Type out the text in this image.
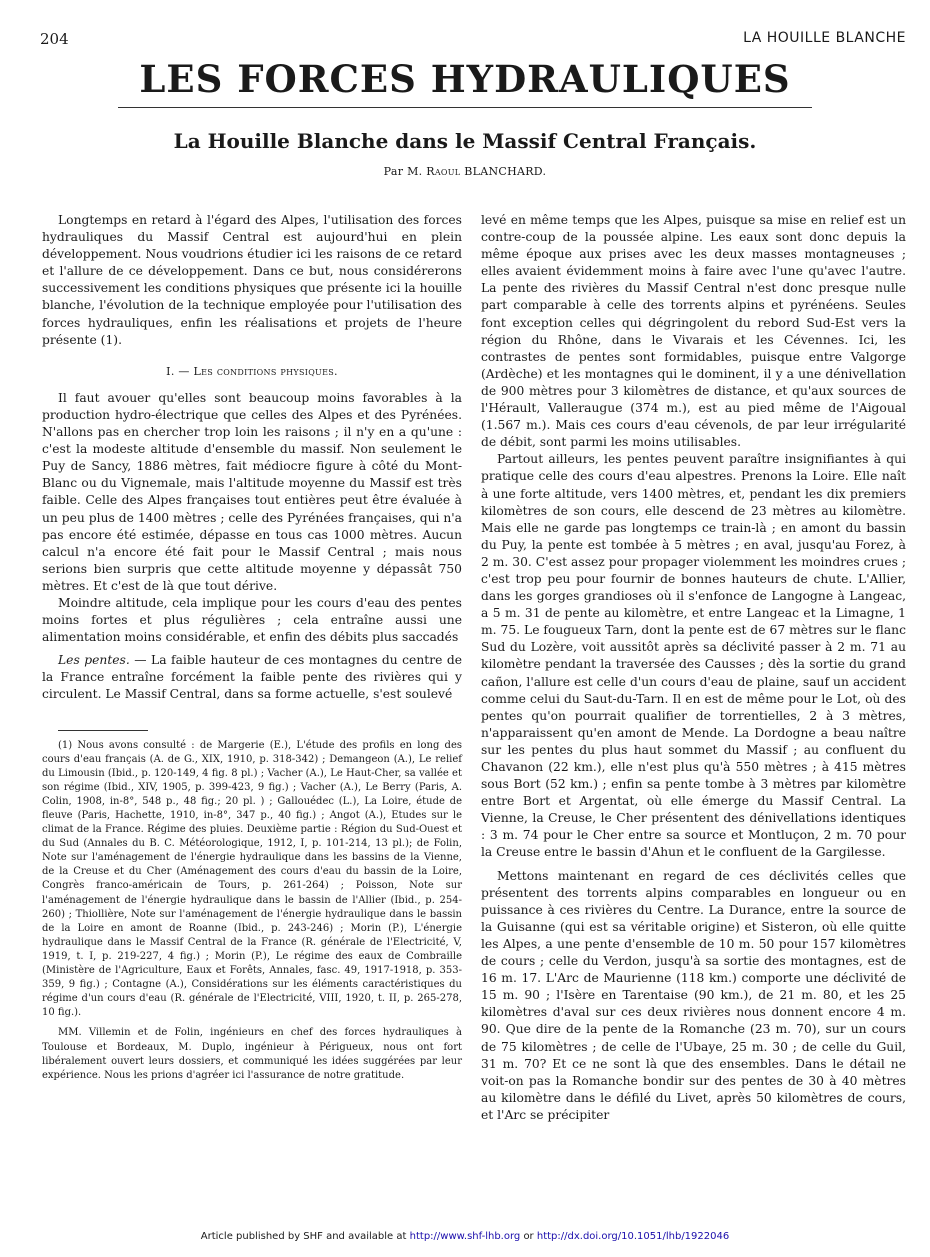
204	LA HOUILLE BLANCHE
LES FORCES HYDRAULIQUES
La Houille Blanche dans le Massif Central Français.
Par M. Raoul BLANCHARD.

Longtemps en retard à l'égard des Alpes, l'utilisation des forces hydrauliques du Massif Central est aujourd'hui en plein développement. Nous voudrions étudier ici les raisons de ce retard et l'allure de ce développement. Dans ce but, nous considérerons successivement les conditions physiques que présente ici la houille blanche, l'évolution de la technique employée pour l'utilisation des forces hydrauliques, enfin les réalisations et projets de l'heure présente (1).

I. — Les conditions physiques.

Il faut avouer qu'elles sont beaucoup moins favorables à la production hydro-électrique que celles des Alpes et des Pyrénées. N'allons pas en chercher trop loin les raisons ; il n'y en a qu'une : c'est la modeste altitude d'ensemble du massif. Non seulement le Puy de Sancy, 1886 mètres, fait médiocre figure à côté du Mont-Blanc ou du Vignemale, mais l'altitude moyenne du Massif est très faible. Celle des Alpes françaises tout entières peut être évaluée à un peu plus de 1400 mètres ; celle des Pyrénées françaises, qui n'a pas encore été estimée, dépasse en tous cas 1000 mètres. Aucun calcul n'a encore été fait pour le Massif Central ; mais nous serions bien surpris que cette altitude moyenne y dépassât 750 mètres. Et c'est de là que tout dérive.

Moindre altitude, cela implique pour les cours d'eau des pentes moins fortes et plus régulières ; cela entraîne aussi une alimentation moins considérable, et enfin des débits plus saccadés

Les pentes. — La faible hauteur de ces montagnes du centre de la France entraîne forcément la faible pente des rivières qui y circulent. Le Massif Central, dans sa forme actuelle, s'est soulevé

(1) Nous avons consulté : de Margerie (E.), L'étude des profils en long des cours d'eau français (A. de G., XIX, 1910, p. 318-342) ; Demangeon (A.), Le relief du Limousin (Ibid., p. 120-149, 4 fig. 8 pl.) ; Vacher (A.), Le Haut-Cher, sa vallée et son régime (Ibid., XIV, 1905, p. 399-423, 9 fig.) ; Vacher (A.), Le Berry (Paris, A. Colin, 1908, in-8°, 548 p., 48 fig.; 20 pl. ) ; Gallouédec (L.), La Loire, étude de fleuve (Paris, Hachette, 1910, in-8°, 347 p., 40 fig.) ; Angot (A.), Etudes sur le climat de la France. Régime des pluies. Deuxième partie : Région du Sud-Ouest et du Sud (Annales du B. C. Météorologique, 1912, I, p. 101-214, 13 pl.); de Folin, Note sur l'aménagement de l'énergie hydraulique dans les bassins de la Vienne, de la Creuse et du Cher (Aménagement des cours d'eau du bassin de la Loire, Congrès franco-américain de Tours, p. 261-264) ; Poisson, Note sur l'aménagement de l'énergie hydraulique dans le bassin de l'Allier (Ibid., p. 254-260) ; Thiollière, Note sur l'aménagement de l'énergie hydraulique dans le bassin de la Loire en amont de Roanne (Ibid., p. 243-246) ; Morin (P.), L'énergie hydraulique dans le Massif Central de la France (R. générale de l'Electricité, V, 1919, t. I, p. 219-227, 4 fig.) ; Morin (P.), Le régime des eaux de Combraille (Ministère de l'Agriculture, Eaux et Forêts, Annales, fasc. 49, 1917-1918, p. 353-359, 9 fig.) ; Contagne (A.), Considérations sur les éléments caractéristiques du régime d'un cours d'eau (R. générale de l'Electricité, VIII, 1920, t. II, p. 265-278, 10 fig.).

MM. Villemin et de Folin, ingénieurs en chef des forces hydrauliques à Toulouse et Bordeaux, M. Duplo, ingénieur à Périgueux, nous ont fort libéralement ouvert leurs dossiers, et communiqué les idées suggérées par leur expérience. Nous les prions d'agréer ici l'assurance de notre gratitude.

levé en même temps que les Alpes, puisque sa mise en relief est un contre-coup de la poussée alpine. Les eaux sont donc depuis la même époque aux prises avec les deux masses montagneuses ; elles avaient évidemment moins à faire avec l'une qu'avec l'autre. La pente des rivières du Massif Central n'est donc presque nulle part comparable à celle des torrents alpins et pyrénéens. Seules font exception celles qui dégringolent du rebord Sud-Est vers la région du Rhône, dans le Vivarais et les Cévennes. Ici, les contrastes de pentes sont formidables, puisque entre Valgorge (Ardèche) et les montagnes qui le dominent, il y a une dénivellation de 900 mètres pour 3 kilomètres de distance, et qu'aux sources de l'Hérault, Valleraugue (374 m.), est au pied même de l'Aigoual (1.567 m.). Mais ces cours d'eau cévenols, de par leur irrégularité de débit, sont parmi les moins utilisables.

Partout ailleurs, les pentes peuvent paraître insignifiantes à qui pratique celle des cours d'eau alpestres. Prenons la Loire. Elle naît à une forte altitude, vers 1400 mètres, et, pendant les dix premiers kilomètres de son cours, elle descend de 23 mètres au kilomètre. Mais elle ne garde pas longtemps ce train-là ; en amont du bassin du Puy, la pente est tombée à 5 mètres ; en aval, jusqu'au Forez, à 2 m. 30. C'est assez pour propager violemment les moindres crues ; c'est trop peu pour fournir de bonnes hauteurs de chute. L'Allier, dans les gorges grandioses où il s'enfonce de Langogne à Langeac, a 5 m. 31 de pente au kilomètre, et entre Langeac et la Limagne, 1 m. 75. Le fougueux Tarn, dont la pente est de 67 mètres sur le flanc Sud du Lozère, voit aussitôt après sa déclivité passer à 2 m. 71 au kilomètre pendant la traversée des Causses ; dès la sortie du grand cañon, l'allure est celle d'un cours d'eau de plaine, sauf un accident comme celui du Saut-du-Tarn. Il en est de même pour le Lot, où des pentes qu'on pourrait qualifier de torrentielles, 2 à 3 mètres, n'apparaissent qu'en amont de Mende. La Dordogne a beau naître sur les pentes du plus haut sommet du Massif ; au confluent du Chavanon (22 km.), elle n'est plus qu'à 550 mètres ; à 415 mètres sous Bort (52 km.) ; enfin sa pente tombe à 3 mètres par kilomètre entre Bort et Argentat, où elle émerge du Massif Central. La Vienne, la Creuse, le Cher présentent des dénivellations identiques : 3 m. 74 pour le Cher entre sa source et Montluçon, 2 m. 70 pour la Creuse entre le bassin d'Ahun et le confluent de la Gargilesse.

Mettons maintenant en regard de ces déclivités celles que présentent des torrents alpins comparables en longueur ou en puissance à ces rivières du Centre. La Durance, entre la source de la Guisanne (qui est sa véritable origine) et Sisteron, où elle quitte les Alpes, a une pente d'ensemble de 10 m. 50 pour 157 kilomètres de cours ; celle du Verdon, jusqu'à sa sortie des montagnes, est de 16 m. 17. L'Arc de Maurienne (118 km.) comporte une déclivité de 15 m. 90 ; l'Isère en Tarentaise (90 km.), de 21 m. 80, et les 25 kilomètres d'aval sur ces deux rivières nous donnent encore 4 m. 90. Que dire de la pente de la Romanche (23 m. 70), sur un cours de 75 kilomètres ; de celle de l'Ubaye, 25 m. 30 ; de celle du Guil, 31 m. 70? Et ce ne sont là que des ensembles. Dans le détail ne voit-on pas la Romanche bondir sur des pentes de 30 à 40 mètres au kilomètre dans le défilé du Livet, après 50 kilomètres de cours, et l'Arc se précipiter

Article published by SHF and available at http://www.shf-lhb.org or http://dx.doi.org/10.1051/lhb/1922046
